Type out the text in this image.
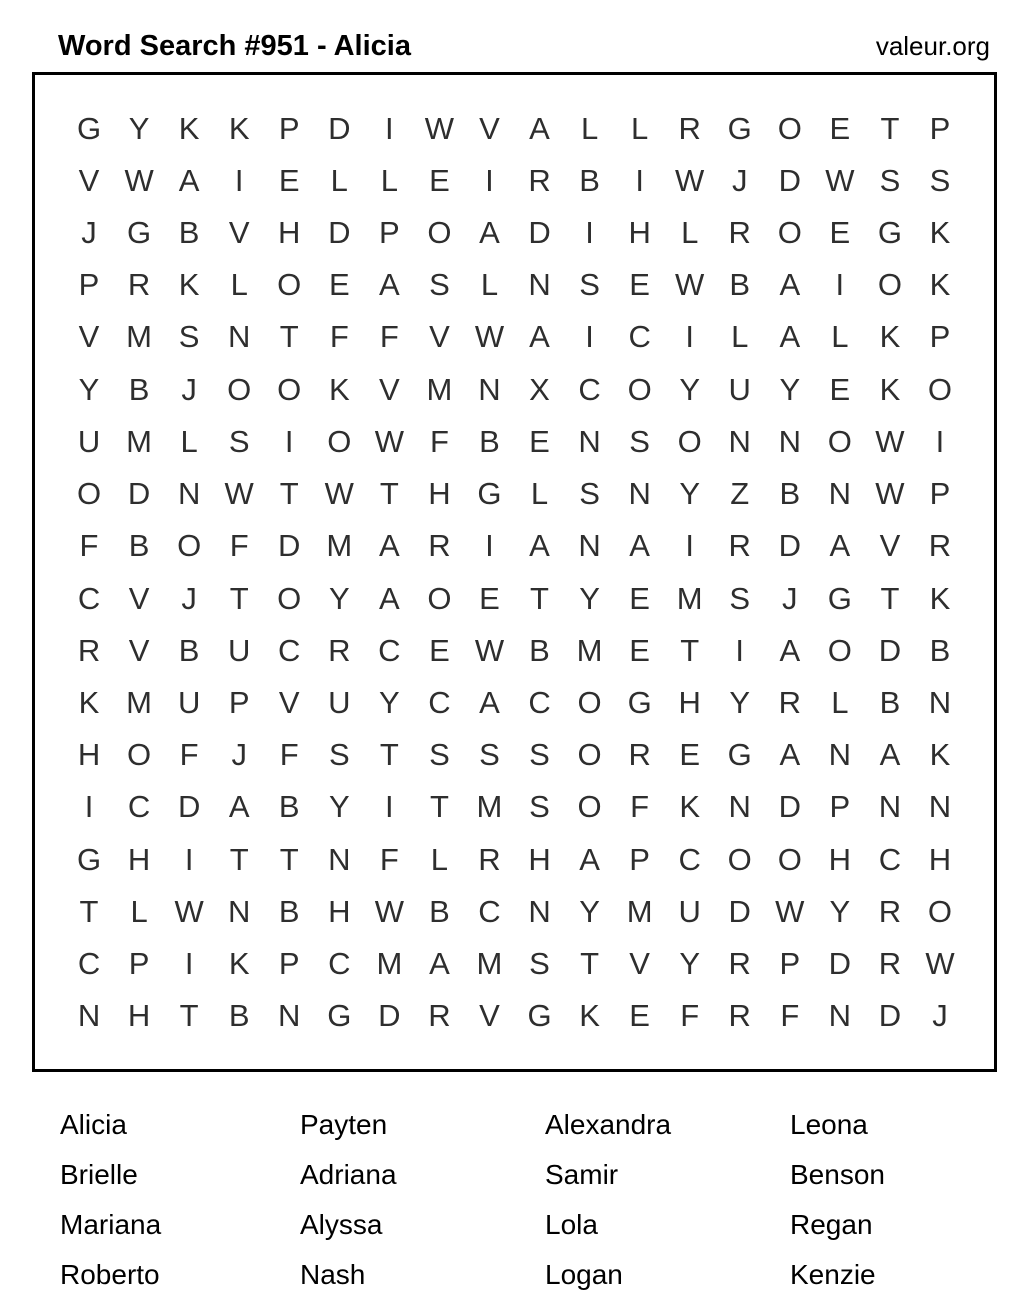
Word Search #951 - Alicia	valeur.org
G Y K K P D	I	W V A	L	L R G O E T P
V W A	I	E	L	L	E	I	R B	I	W J	D W S S
J G B V H D P O A D	I	H L R O E G K
P R K	L O E A S	L N S E W B A	I	O K
V M S N T	F	F V W A	I	C	I	L	A	L	K P
Y B	J O O K V M N X C O Y U Y E K O
U M L	S	I	O W F B E N S O N N O W	I
O D N W T W T H G L	S N Y Z B N W P
F B O F D M A R	I	A N A	I	R D A V R
C V	J	T O Y A O E T Y E M S	J G T K
R V B U C R C E W B M E T	I	A O D B
K M U P V U Y C A C O G H Y R L	B N
H O F	J	F S T S S S O R E G A N A K
I	C D A B Y	I	T M S O F K N D P N N
G H	I	T	T N F	L R H A P C O O H C H
T	L W N B H W B C N Y M U D W Y R O
C P	I	K P C M A M S T V Y R P D R W
N H T B N G D R V G K E F R F N D	J
Alicia	Payten	Alexandra	Leona
Brielle	Adriana	Samir	Benson
Mariana	Alyssa	Lola	Regan
Roberto	Nash	Logan	Kenzie
